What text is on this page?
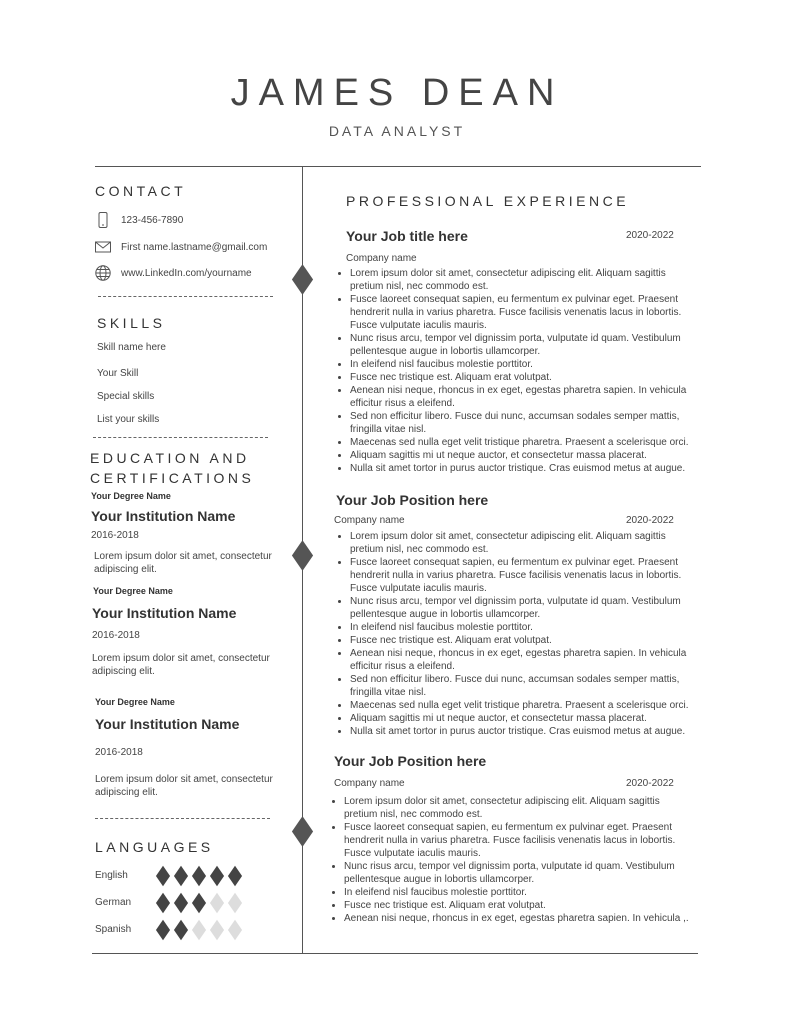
JAMES DEAN
DATA ANALYST
CONTACT
123-456-7890
First name.lastname@gmail.com
www.LinkedIn.com/yourname
SKILLS
Skill name here
Your Skill
Special skills
List your skills
EDUCATION AND
CERTIFICATIONS
Your Degree Name
Your Institution Name
2016-2018
Lorem ipsum dolor sit amet, consectetur
adipiscing elit.
Your Degree Name
Your Institution Name
2016-2018
Lorem ipsum dolor sit amet, consectetur
adipiscing elit.
Your Degree Name
Your Institution Name
2016-2018
Lorem ipsum dolor sit amet, consectetur
adipiscing elit.
LANGUAGES
English
German
Spanish
PROFESSIONAL EXPERIENCE
Your Job title here	2020-2022
Company name
• Lorem ipsum dolor sit amet, consectetur adipiscing elit. Aliquam sagittis pretium nisl, nec commodo est.
• Fusce laoreet consequat sapien, eu fermentum ex pulvinar eget. Praesent hendrerit nulla in varius pharetra. Fusce facilisis venenatis lacus in lobortis. Fusce vulputate iaculis mauris.
• Nunc risus arcu, tempor vel dignissim porta, vulputate id quam. Vestibulum pellentesque augue in lobortis ullamcorper.
• In eleifend nisl faucibus molestie porttitor.
• Fusce nec tristique est. Aliquam erat volutpat.
• Aenean nisi neque, rhoncus in ex eget, egestas pharetra sapien. In vehicula efficitur risus a eleifend.
• Sed non efficitur libero. Fusce dui nunc, accumsan sodales semper mattis, fringilla vitae nisl.
• Maecenas sed nulla eget velit tristique pharetra. Praesent a scelerisque orci.
• Aliquam sagittis mi ut neque auctor, et consectetur massa placerat.
• Nulla sit amet tortor in purus auctor tristique. Cras euismod metus at augue.
Your Job Position here
2020-2022
Company name
• Lorem ipsum dolor sit amet, consectetur adipiscing elit. Aliquam sagittis pretium nisl, nec commodo est.
• Fusce laoreet consequat sapien, eu fermentum ex pulvinar eget. Praesent hendrerit nulla in varius pharetra. Fusce facilisis venenatis lacus in lobortis. Fusce vulputate iaculis mauris.
• Nunc risus arcu, tempor vel dignissim porta, vulputate id quam. Vestibulum pellentesque augue in lobortis ullamcorper.
• In eleifend nisl faucibus molestie porttitor.
• Fusce nec tristique est. Aliquam erat volutpat.
• Aenean nisi neque, rhoncus in ex eget, egestas pharetra sapien. In vehicula efficitur risus a eleifend.
• Sed non efficitur libero. Fusce dui nunc, accumsan sodales semper mattis, fringilla vitae nisl.
• Maecenas sed nulla eget velit tristique pharetra. Praesent a scelerisque orci.
• Aliquam sagittis mi ut neque auctor, et consectetur massa placerat.
• Nulla sit amet tortor in purus auctor tristique. Cras euismod metus at augue.
Your Job Position here
2020-2022
Company name
• Lorem ipsum dolor sit amet, consectetur adipiscing elit. Aliquam sagittis pretium nisl, nec commodo est.
• Fusce laoreet consequat sapien, eu fermentum ex pulvinar eget. Praesent hendrerit nulla in varius pharetra. Fusce facilisis venenatis lacus in lobortis. Fusce vulputate iaculis mauris.
• Nunc risus arcu, tempor vel dignissim porta, vulputate id quam. Vestibulum pellentesque augue in lobortis ullamcorper.
• In eleifend nisl faucibus molestie porttitor.
• Fusce nec tristique est. Aliquam erat volutpat.
• Aenean nisi neque, rhoncus in ex eget, egestas pharetra sapien. In vehicula ,.
